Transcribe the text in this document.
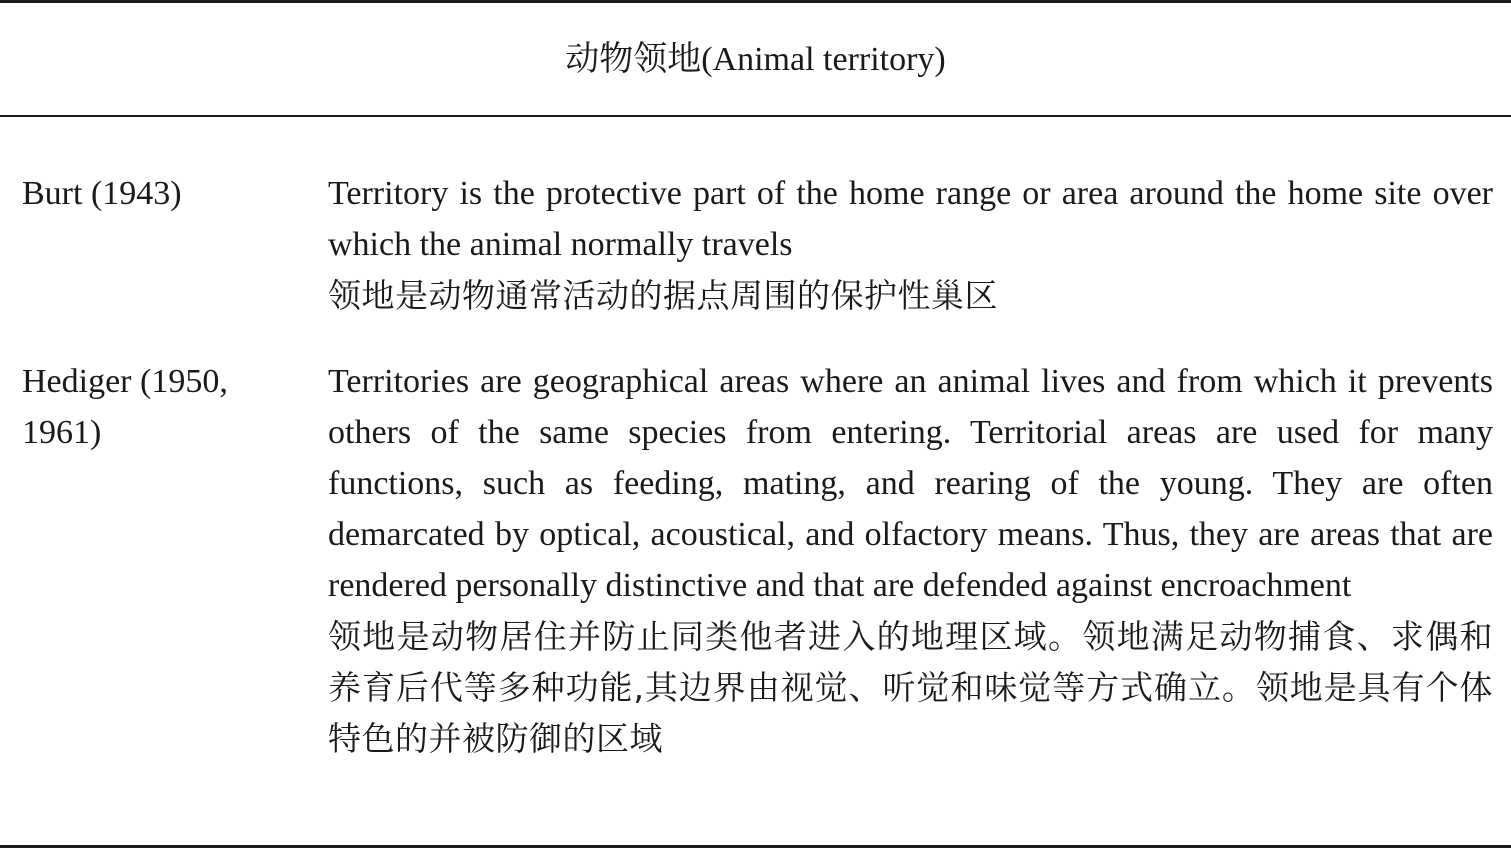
动物领地(Animal territory)
Burt (1943)	Territory is the protective part of the home range or area around the home site over which the animal normally travels

领地是动物通常活动的据点周围的保护性巢区

Hediger (1950, 1961)

Territories are geographical areas where an animal lives and from which it prevents others of the same species from entering. Territorial areas are used for many functions, such as feeding, mating, and rearing of the young. They are often demarcated by optical, acoustical, and olfactory means. Thus, they are areas that are rendered personally distinctive and that are defended against encroachment

领地是动物居住并防止同类他者进入的地理区域。领地满足动物捕食、求偶和养育后代等多种功能,其边界由视觉、听觉和味觉等方式确立。领地是具有个体特色的并被防御的区域
